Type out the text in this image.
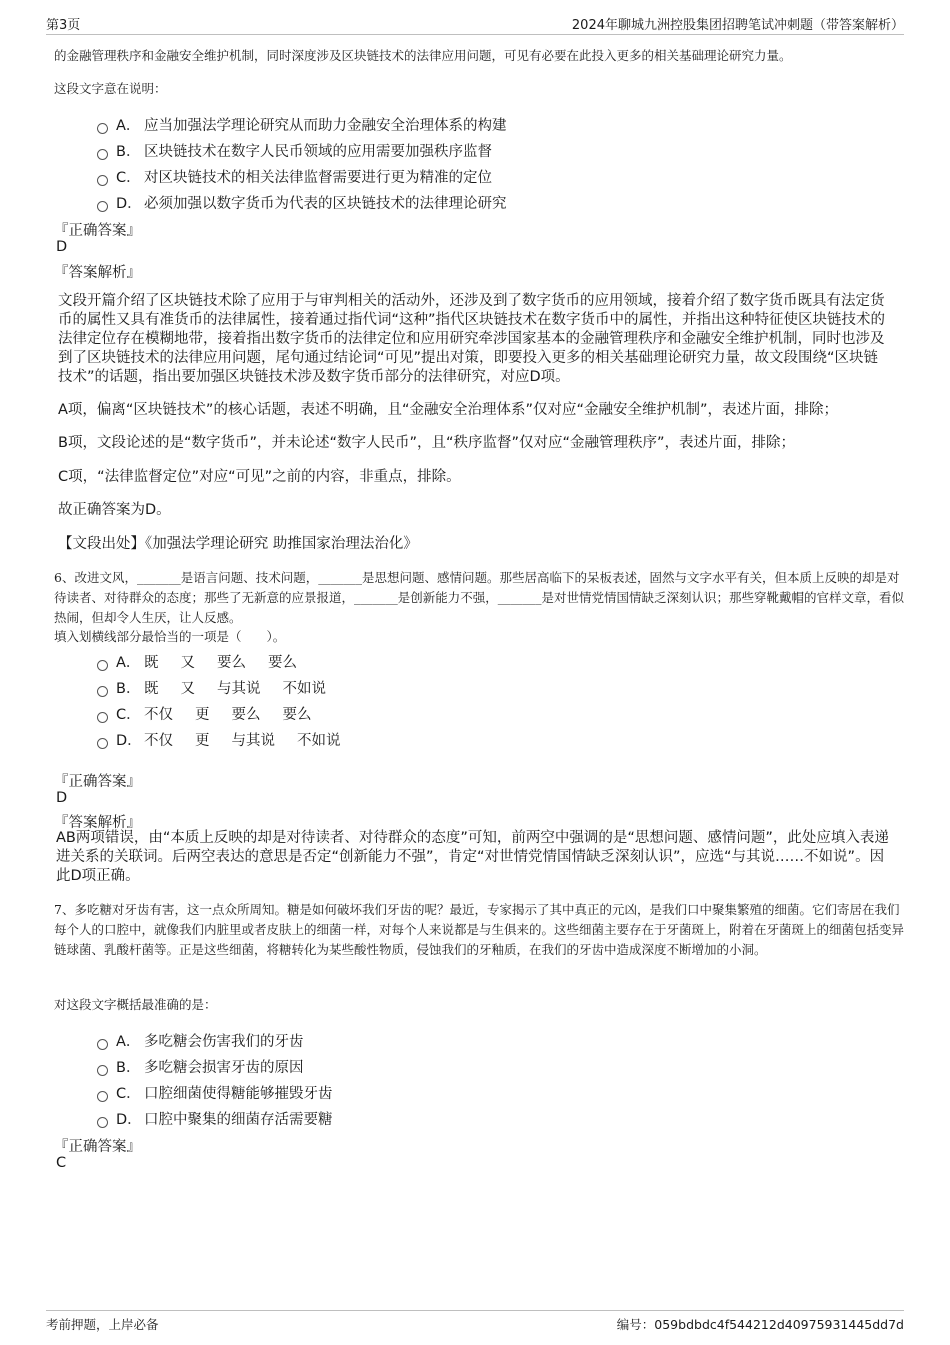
第3页	2024年聊城九洲控股集团招聘笔试冲刺题（带答案解析）
的金融管理秩序和金融安全维护机制，同时深度涉及区块链技术的法律应用问题，可见有必要在此投入更多的相关基础理论研究力量。
这段文字意在说明：
A． 应当加强法学理论研究从而助力金融安全治理体系的构建
B． 区块链技术在数字人民币领域的应用需要加强秩序监督
C． 对区块链技术的相关法律监督需要进行更为精准的定位
D． 必须加强以数字货币为代表的区块链技术的法律理论研究
『正确答案』
D
『答案解析』
文段开篇介绍了区块链技术除了应用于与审判相关的活动外，还涉及到了数字货币的应用领域，接着介绍了数字货币既具有法定货币的属性又具有准货币的法律属性，接着通过指代词“这种”指代区块链技术在数字货币中的属性，并指出这种特征使区块链技术的法律定位存在模糊地带，接着指出数字货币的法律定位和应用研究牵涉国家基本的金融管理秩序和金融安全维护机制，同时也涉及到了区块链技术的法律应用问题，尾句通过结论词“可见”提出对策，即要投入更多的相关基础理论研究力量，故文段围绕“区块链技术”的话题，指出要加强区块链技术涉及数字货币部分的法律研究，对应D项。
A项，偏离“区块链技术”的核心话题，表述不明确，且“金融安全治理体系”仅对应“金融安全维护机制”，表述片面，排除；
B项，文段论述的是“数字货币”，并未论述“数字人民币”，且“秩序监督”仅对应“金融管理秩序”，表述片面，排除；
C项，“法律监督定位”对应“可见”之前的内容，非重点，排除。
故正确答案为D。
【文段出处】《加强法学理论研究 助推国家治理法治化》
6、改进文风，_______是语言问题、技术问题，_______是思想问题、感情问题。那些居高临下的呆板表述，固然与文字水平有关，但本质上反映的却是对待读者、对待群众的态度；那些了无新意的应景报道，_______是创新能力不强，_______是对世情党情国情缺乏深刻认识；那些穿靴戴帽的官样文章，看似热闹，但却令人生厌，让人反感。
填入划横线部分最恰当的一项是（　　）。
A． 既 又 要么 要么
B． 既 又 与其说 不如说
C． 不仅 更 要么 要么
D． 不仅 更 与其说 不如说
『正确答案』
D
『答案解析』
AB两项错误，由“本质上反映的却是对待读者、对待群众的态度”可知，前两空中强调的是“思想问题、感情问题”，此处应填入表递进关系的关联词。后两空表达的意思是否定“创新能力不强”，肯定“对世情党情国情缺乏深刻认识”，应选“与其说……不如说”。因此D项正确。
7、多吃糖对牙齿有害，这一点众所周知。糖是如何破坏我们牙齿的呢？最近，专家揭示了其中真正的元凶，是我们口中聚集繁殖的细菌。它们寄居在我们每个人的口腔中，就像我们内脏里或者皮肤上的细菌一样，对每个人来说都是与生俱来的。这些细菌主要存在于牙菌斑上，附着在牙菌斑上的细菌包括变异链球菌、乳酸杆菌等。正是这些细菌，将糖转化为某些酸性物质，侵蚀我们的牙釉质，在我们的牙齿中造成深度不断增加的小洞。
对这段文字概括最准确的是：
A． 多吃糖会伤害我们的牙齿
B． 多吃糖会损害牙齿的原因
C． 口腔细菌使得糖能够摧毁牙齿
D． 口腔中聚集的细菌存活需要糖
『正确答案』
C
考前押题，上岸必备	编号：059bdbdc4f544212d40975931445dd7d
